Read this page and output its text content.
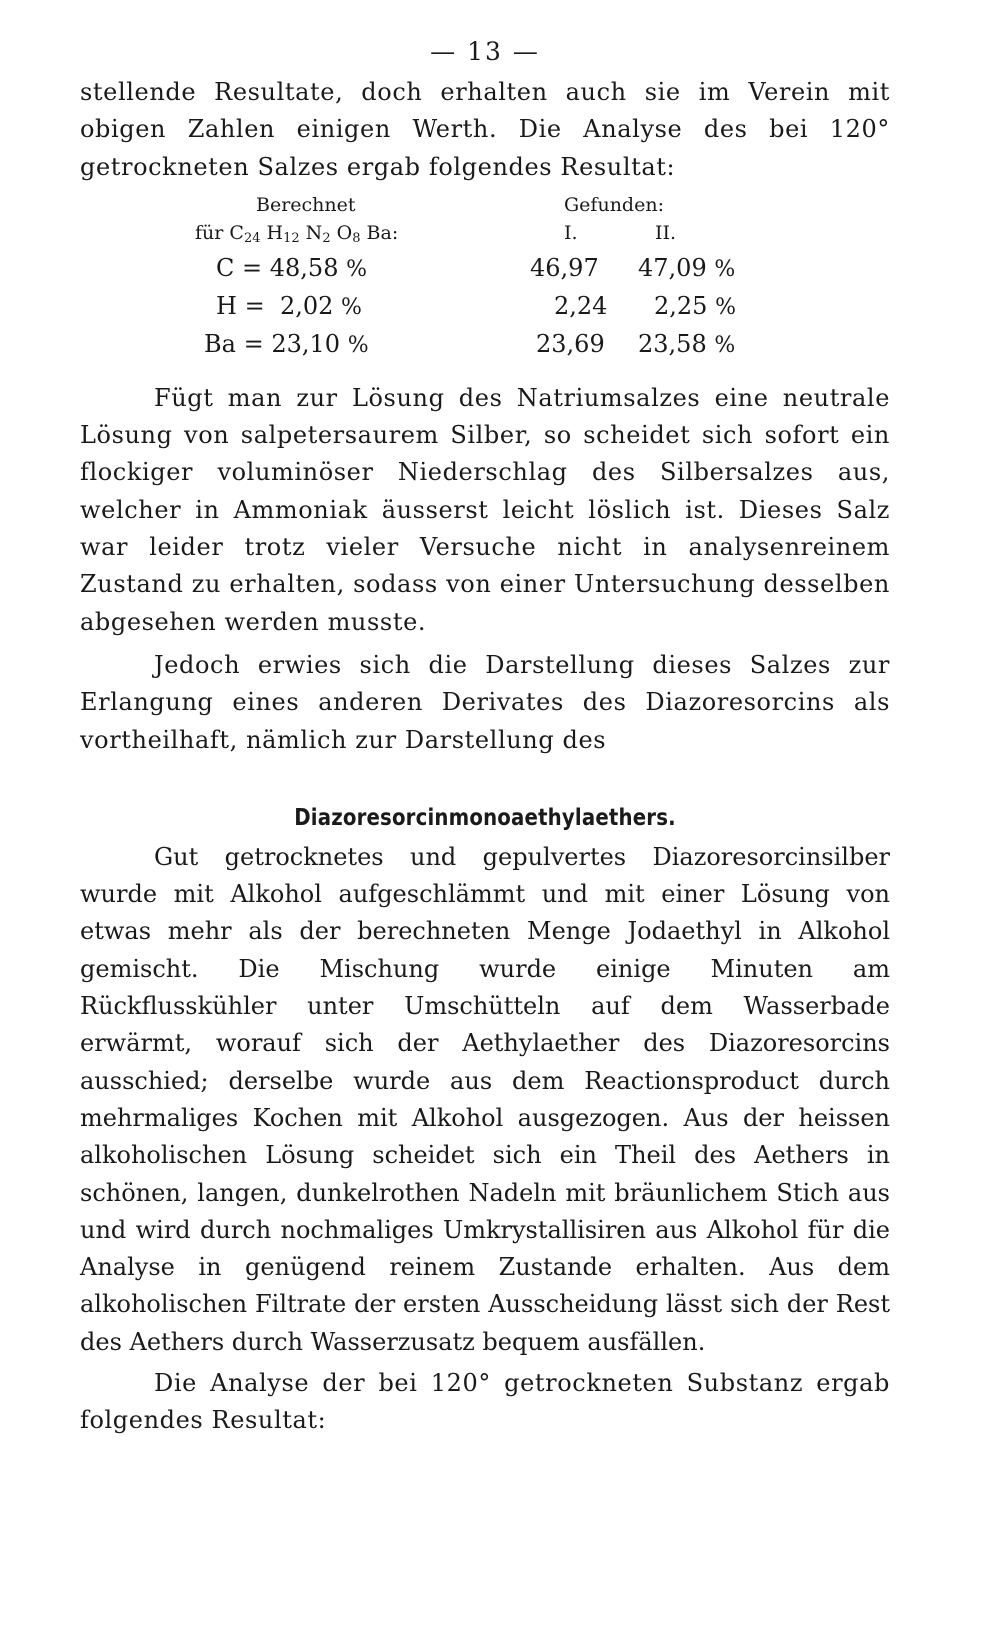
— 13 —

stellende Resultate, doch erhalten auch sie im Verein mit obigen Zahlen einigen Werth. Die Analyse des bei 120° getrockneten Salzes ergab folgendes Resultat:

Berechnet
für $C_{24}$ $H_{12}$ $N_2$ $O_8$ Ba:
Gefunden:
I.	II.
C = 48,58 %	46,97 47,09 %
H =  2,02 %	2,24 2,25 %
Ba = 23,10 %	23,69 23,58 %

Fügt man zur Lösung des Natriumsalzes eine neutrale Lösung von salpetersaurem Silber, so scheidet sich sofort ein flockiger voluminöser Niederschlag des Silbersalzes aus, welcher in Ammoniak äusserst leicht löslich ist. Dieses Salz war leider trotz vieler Versuche nicht in analysenreinem Zustand zu erhalten, sodass von einer Untersuchung desselben abgesehen werden musste.

Jedoch erwies sich die Darstellung dieses Salzes zur Erlangung eines anderen Derivates des Diazoresorcins als vortheilhaft, nämlich zur Darstellung des

Diazoresorcinmonoaethylaethers.

Gut getrocknetes und gepulvertes Diazoresorcinsilber wurde mit Alkohol aufgeschlämmt und mit einer Lösung von etwas mehr als der berechneten Menge Jodaethyl in Alkohol gemischt. Die Mischung wurde einige Minuten am Rückflusskühler unter Umschütteln auf dem Wasserbade erwärmt, worauf sich der Aethylaether des Diazoresorcins ausschied; derselbe wurde aus dem Reactionsproduct durch mehrmaliges Kochen mit Alkohol ausgezogen. Aus der heissen alkoholischen Lösung scheidet sich ein Theil des Aethers in schönen, langen, dunkelrothen Nadeln mit bräunlichem Stich aus und wird durch nochmaliges Umkrystallisiren aus Alkohol für die Analyse in genügend reinem Zustande erhalten. Aus dem alkoholischen Filtrate der ersten Ausscheidung lässt sich der Rest des Aethers durch Wasserzusatz bequem ausfällen.

Die Analyse der bei 120° getrockneten Substanz ergab folgendes Resultat:
